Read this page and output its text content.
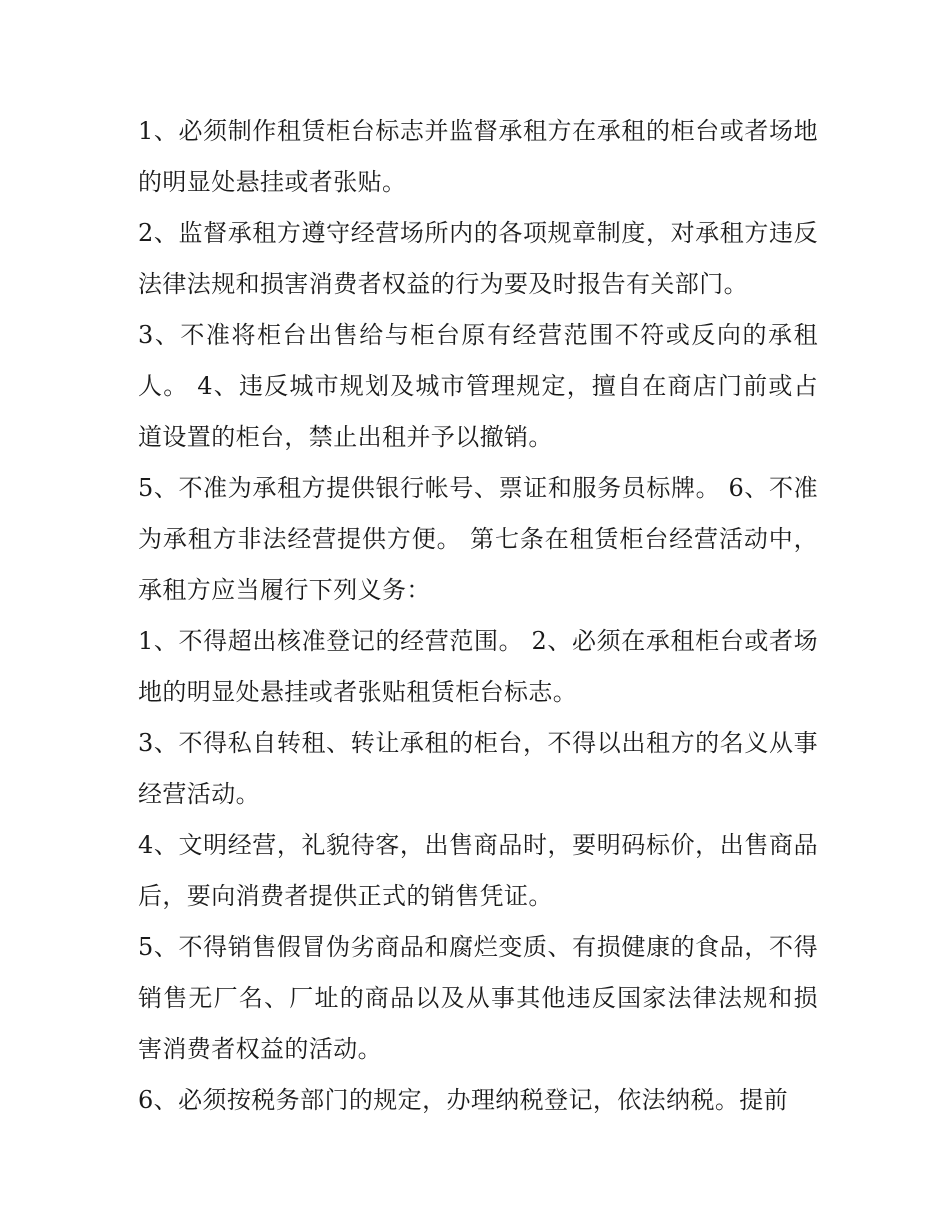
1、必须制作租赁柜台标志并监督承租方在承租的柜台或者场地的明显处悬挂或者张贴。

2、监督承租方遵守经营场所内的各项规章制度，对承租方违反法律法规和损害消费者权益的行为要及时报告有关部门。

3、不准将柜台出售给与柜台原有经营范围不符或反向的承租人。 4、违反城市规划及城市管理规定，擅自在商店门前或占道设置的柜台，禁止出租并予以撤销。

5、不准为承租方提供银行帐号、票证和服务员标牌。 6、不准为承租方非法经营提供方便。 第七条在租赁柜台经营活动中，承租方应当履行下列义务：

1、不得超出核准登记的经营范围。 2、必须在承租柜台或者场地的明显处悬挂或者张贴租赁柜台标志。

3、不得私自转租、转让承租的柜台，不得以出租方的名义从事经营活动。

4、文明经营，礼貌待客，出售商品时，要明码标价，出售商品后，要向消费者提供正式的销售凭证。

5、不得销售假冒伪劣商品和腐烂变质、有损健康的食品，不得销售无厂名、厂址的商品以及从事其他违反国家法律法规和损害消费者权益的活动。

6、必须按税务部门的规定，办理纳税登记，依法纳税。提前
